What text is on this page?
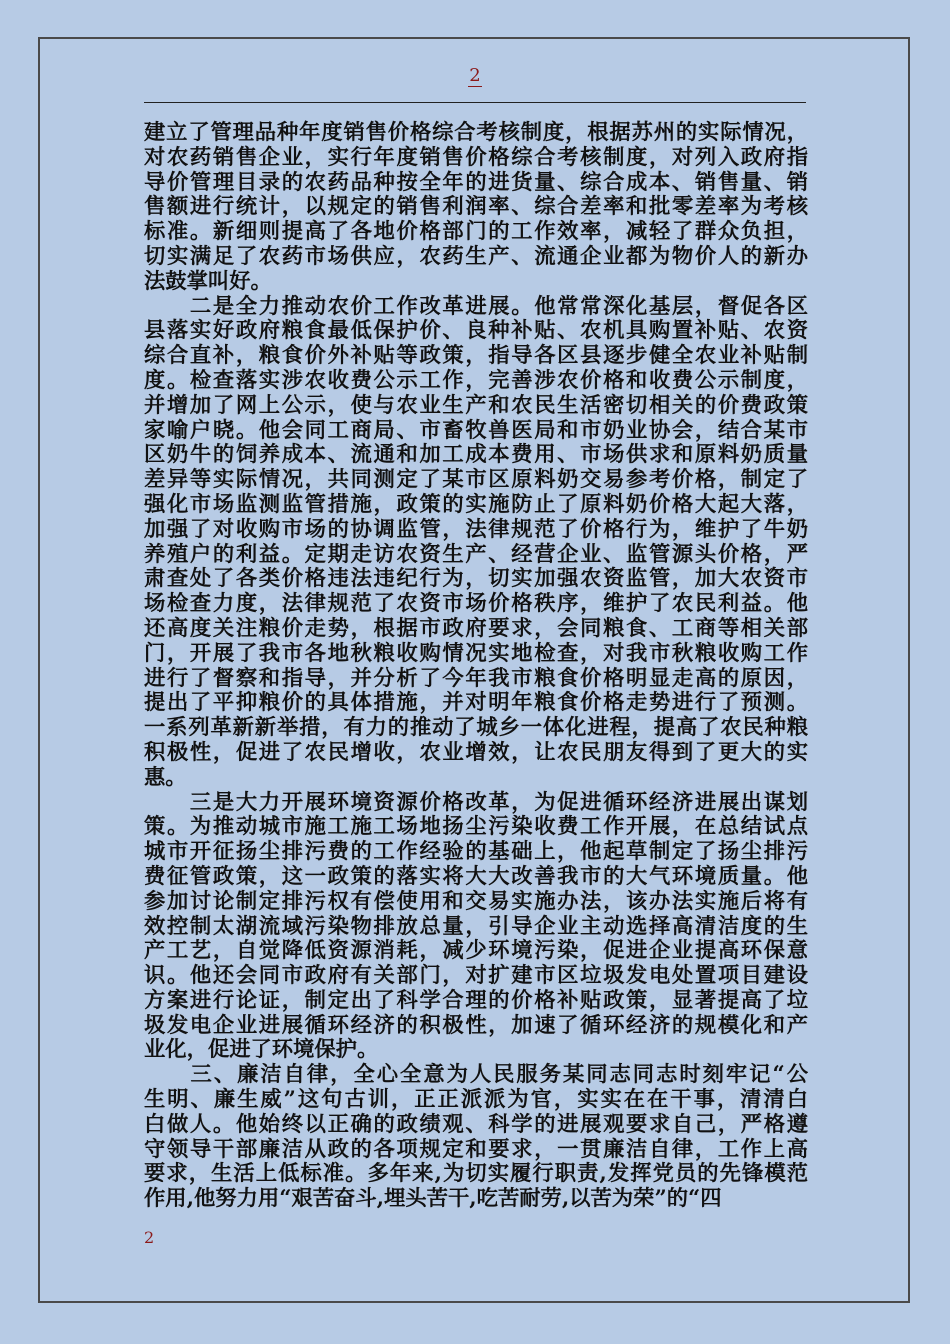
2
建立了管理品种年度销售价格综合考核制度，根据苏州的实际情况，
对农药销售企业，实行年度销售价格综合考核制度，对列入政府指
导价管理目录的农药品种按全年的进货量、综合成本、销售量、销
售额进行统计，以规定的销售利润率、综合差率和批零差率为考核
标准。新细则提高了各地价格部门的工作效率，减轻了群众负担，
切实满足了农药市场供应，农药生产、流通企业都为物价人的新办
法鼓掌叫好。
　　二是全力推动农价工作改革进展。他常常深化基层，督促各区
县落实好政府粮食最低保护价、良种补贴、农机具购置补贴、农资
综合直补，粮食价外补贴等政策，指导各区县逐步健全农业补贴制
度。检查落实涉农收费公示工作，完善涉农价格和收费公示制度，
并增加了网上公示，使与农业生产和农民生活密切相关的价费政策
家喻户晓。他会同工商局、市畜牧兽医局和市奶业协会，结合某市
区奶牛的饲养成本、流通和加工成本费用、市场供求和原料奶质量
差异等实际情况，共同测定了某市区原料奶交易参考价格，制定了
强化市场监测监管措施，政策的实施防止了原料奶价格大起大落，
加强了对收购市场的协调监管，法律规范了价格行为，维护了牛奶
养殖户的利益。定期走访农资生产、经营企业、监管源头价格，严
肃查处了各类价格违法违纪行为，切实加强农资监管，加大农资市
场检查力度，法律规范了农资市场价格秩序，维护了农民利益。他
还高度关注粮价走势，根据市政府要求，会同粮食、工商等相关部
门，开展了我市各地秋粮收购情况实地检查，对我市秋粮收购工作
进行了督察和指导，并分析了今年我市粮食价格明显走高的原因，
提出了平抑粮价的具体措施，并对明年粮食价格走势进行了预测。
一系列革新新举措，有力的推动了城乡一体化进程，提高了农民种粮
积极性，促进了农民增收，农业增效，让农民朋友得到了更大的实
惠。
　　三是大力开展环境资源价格改革，为促进循环经济进展出谋划
策。为推动城市施工施工场地扬尘污染收费工作开展，在总结试点
城市开征扬尘排污费的工作经验的基础上，他起草制定了扬尘排污
费征管政策，这一政策的落实将大大改善我市的大气环境质量。他
参加讨论制定排污权有偿使用和交易实施办法，该办法实施后将有
效控制太湖流域污染物排放总量，引导企业主动选择高清洁度的生
产工艺，自觉降低资源消耗，减少环境污染，促进企业提高环保意
识。他还会同市政府有关部门，对扩建市区垃圾发电处置项目建设
方案进行论证，制定出了科学合理的价格补贴政策，显著提高了垃
圾发电企业进展循环经济的积极性，加速了循环经济的规模化和产
业化，促进了环境保护。
　　三、廉洁自律，全心全意为人民服务某同志同志时刻牢记“公
生明、廉生威”这句古训，正正派派为官，实实在在干事，清清白
白做人。他始终以正确的政绩观、科学的进展观要求自己，严格遵
守领导干部廉洁从政的各项规定和要求，一贯廉洁自律，工作上高
要求，生活上低标准。多年来,为切实履行职责,发挥党员的先锋模范
作用,他努力用“艰苦奋斗,埋头苦干,吃苦耐劳,以苦为荣”的“四
2
